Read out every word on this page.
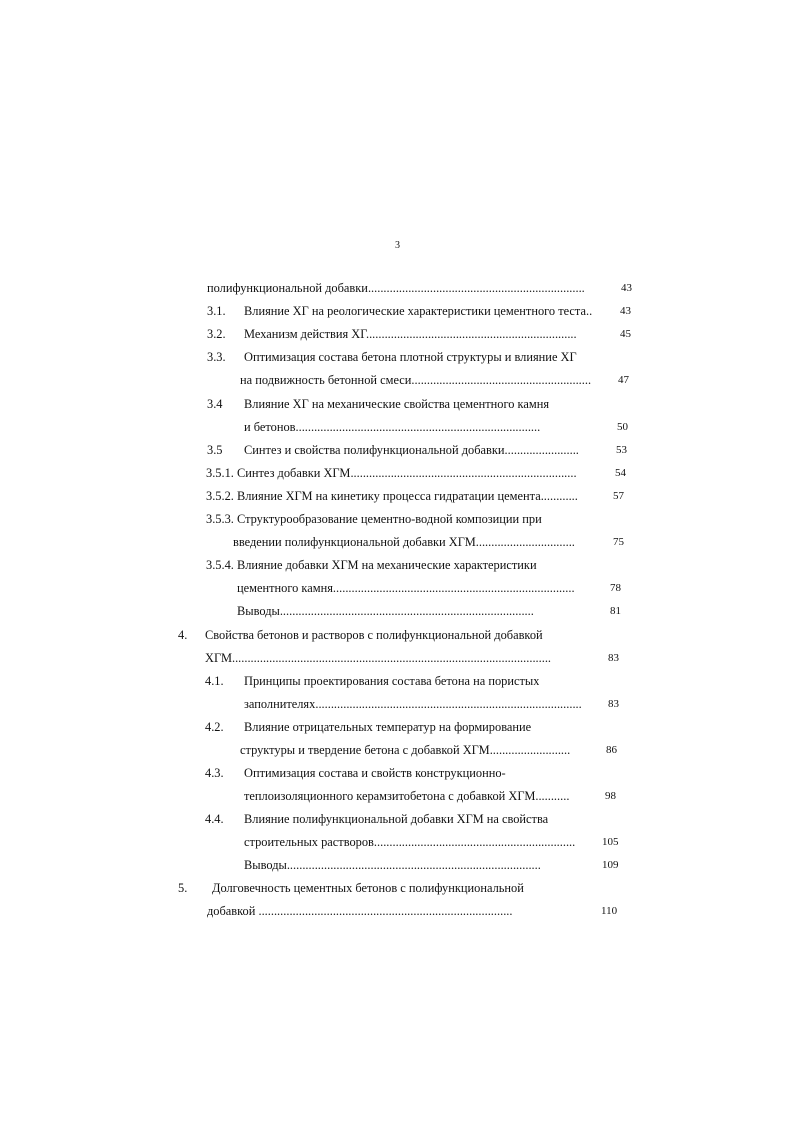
3
полифункциональной добавки......................................................................	43
3.1. Влияние ХГ на реологические характеристики цементного теста..	43
3.2. Механизм действия ХГ....................................................................	45
3.3. Оптимизация состава бетона плотной структуры и влияние ХГ
на подвижность бетонной смеси.......................................................... 47
3.4 Влияние ХГ на механические свойства цементного камня
и бетонов...............................................................................	50
3.5 Синтез и свойства полифункциональной добавки........................	53
3.5.1. Синтез добавки ХГМ.........................................................................	54
3.5.2. Влияние ХГМ на кинетику процесса гидратации цемента............	57
3.5.3. Структурообразование цементно-водной композиции при
введении полифункциональной добавки ХГМ................................	75
3.5.4. Влияние добавки ХГМ на механические характеристики
цементного камня..............................................................................	78
Выводы..................................................................................	81
4. Свойства бетонов и растворов с полифункциональной добавкой
ХГМ.......................................................................................................	83
4.1. Принципы проектирования состава бетона на пористых
заполнителях...................................................................................... 83
4.2. Влияние отрицательных температур на формирование
структуры и твердение бетона с добавкой ХГМ..........................	86
4.3. Оптимизация состава и свойств конструкционно-
теплоизоляционного керамзитобетона с добавкой ХГМ...........	98
4.4. Влияние полифункциональной добавки ХГМ на свойства
строительных растворов................................................................. 105
Выводы..................................................................................	109
5. Долговечность цементных бетонов с полифункциональной
добавкой ..................................................................................	110
